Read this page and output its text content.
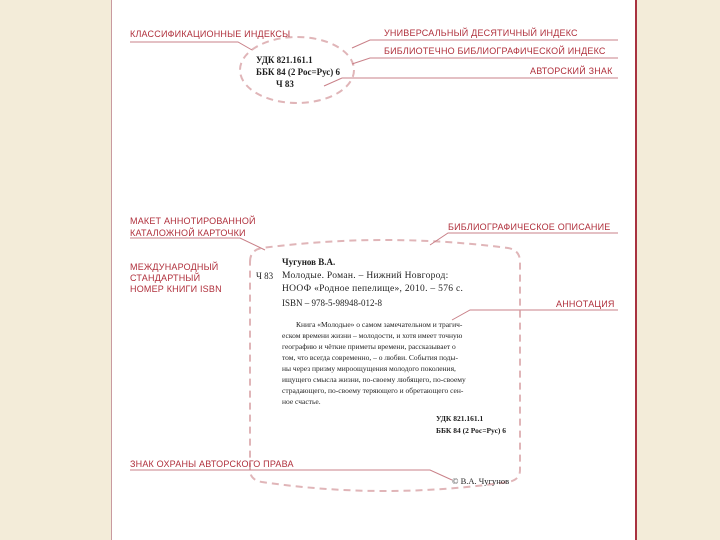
КЛАССИФИКАЦИОННЫЕ ИНДЕКСЫ	УНИВЕРСАЛЬНЫЙ ДЕСЯТИЧНЫЙ ИНДЕКС
БИБЛИОТЕЧНО БИБЛИОГРАФИЧЕСКОЙ ИНДЕКС
АВТОРСКИЙ ЗНАК
МАКЕТ АННОТИРОВАННОЙ
КАТАЛОЖНОЙ КАРТОЧКИ
БИБЛИОГРАФИЧЕСКОЕ ОПИСАНИЕ
МЕЖДУНАРОДНЫЙ
СТАНДАРТНЫЙ
НОМЕР КНИГИ ISBN
АННОТАЦИЯ
ЗНАК ОХРАНЫ АВТОРСКОГО ПРАВА
УДК 821.161.1
ББК 84 (2 Рос=Рус) 6
Ч 83
Ч 83
Чугунов В.А.
Молодые. Роман. – Нижний Новгород:
НООФ «Родное пепелище», 2010. – 576 с.
ISBN – 978-5-98948-012-8
Книга «Молодые» о самом замечательном и трагич-
еском времени жизни – молодости, и хотя имеет точную
географию и чёткие приметы времени, рассказывает о
том, что всегда современно, – о любви. События поды-
ны через призму мироощущения молодого поколения,
ищущего смысла жизни, по-своему любящего, по-своему
страдающего, по-своему теряющего и обретающего сен-
ное счастье.
УДК 821.161.1
ББК 84 (2 Рос=Рус) 6
© В.А. Чугунов
